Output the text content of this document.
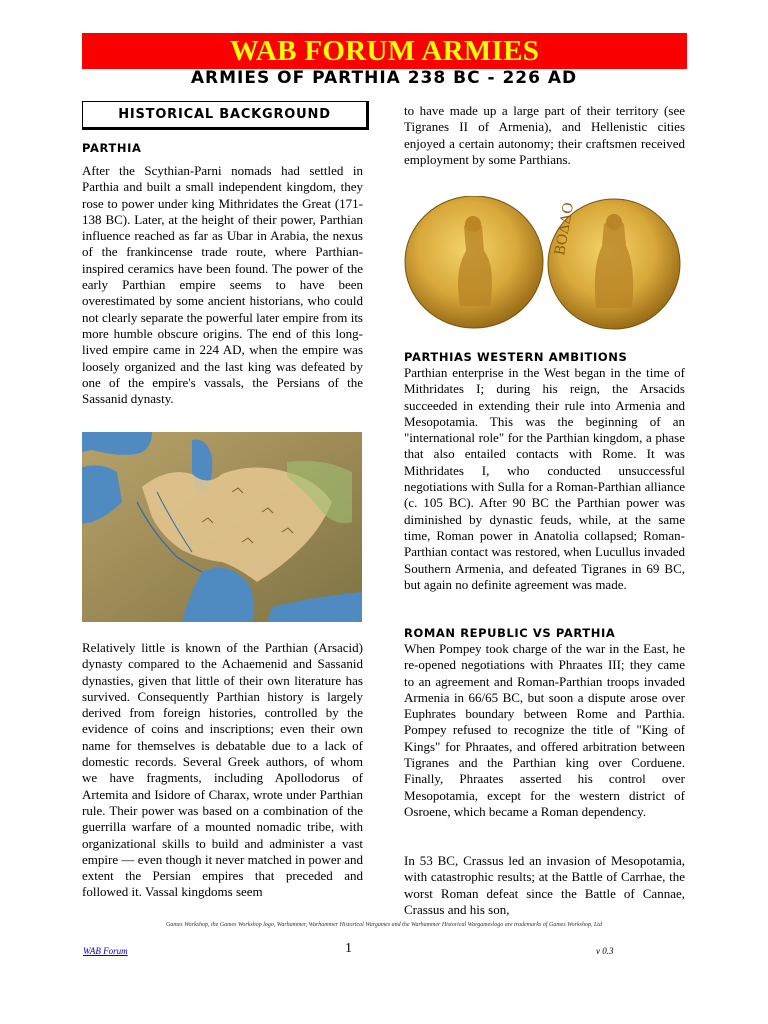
WAB FORUM ARMIES
ARMIES OF PARTHIA 238 BC - 226 AD
HISTORICAL BACKGROUND
PARTHIA
After the Scythian-Parni nomads had settled in Parthia and built a small independent kingdom, they rose to power under king Mithridates the Great (171-138 BC). Later, at the height of their power, Parthian influence reached as far as Ubar in Arabia, the nexus of the frankincense trade route, where Parthian-inspired ceramics have been found. The power of the early Parthian empire seems to have been overestimated by some ancient historians, who could not clearly separate the powerful later empire from its more humble obscure origins. The end of this long-lived empire came in 224 AD, when the empire was loosely organized and the last king was defeated by one of the empire's vassals, the Persians of the Sassanid dynasty.
Relatively little is known of the Parthian (Arsacid) dynasty compared to the Achaemenid and Sassanid dynasties, given that little of their own literature has survived. Consequently Parthian history is largely derived from foreign histories, controlled by the evidence of coins and inscriptions; even their own name for themselves is debatable due to a lack of domestic records. Several Greek authors, of whom we have fragments, including Apollodorus of Artemita and Isidore of Charax, wrote under Parthian rule. Their power was based on a combination of the guerrilla warfare of a mounted nomadic tribe, with organizational skills to build and administer a vast empire — even though it never matched in power and extent the Persian empires that preceded and followed it. Vassal kingdoms seem
to have made up a large part of their territory (see Tigranes II of Armenia), and Hellenistic cities enjoyed a certain autonomy; their craftsmen received employment by some Parthians.
ΒΟΔΔΟ
PARTHIAS WESTERN AMBITIONS
Parthian enterprise in the West began in the time of Mithridates I; during his reign, the Arsacids succeeded in extending their rule into Armenia and Mesopotamia. This was the beginning of an "international role" for the Parthian kingdom, a phase that also entailed contacts with Rome. It was Mithridates I, who conducted unsuccessful negotiations with Sulla for a Roman-Parthian alliance (c. 105 BC). After 90 BC the Parthian power was diminished by dynastic feuds, while, at the same time, Roman power in Anatolia collapsed; Roman-Parthian contact was restored, when Lucullus invaded Southern Armenia, and defeated Tigranes in 69 BC, but again no definite agreement was made.
ROMAN REPUBLIC VS PARTHIA
When Pompey took charge of the war in the East, he re-opened negotiations with Phraates III; they came to an agreement and Roman-Parthian troops invaded Armenia in 66/65 BC, but soon a dispute arose over Euphrates boundary between Rome and Parthia. Pompey refused to recognize the title of "King of Kings" for Phraates, and offered arbitration between Tigranes and the Parthian king over Corduene. Finally, Phraates asserted his control over Mesopotamia, except for the western district of Osroene, which became a Roman dependency.
In 53 BC, Crassus led an invasion of Mesopotamia, with catastrophic results; at the Battle of Carrhae, the worst Roman defeat since the Battle of Cannae, Crassus and his son,
Games Workshop, the Games Workshop logo, Warhammer, Warhammer Historical Wargames and the Warhammer Historical Wargameslogo are trademarks of Games Workshop, Ltd
WAB Forum	1	v 0.3
